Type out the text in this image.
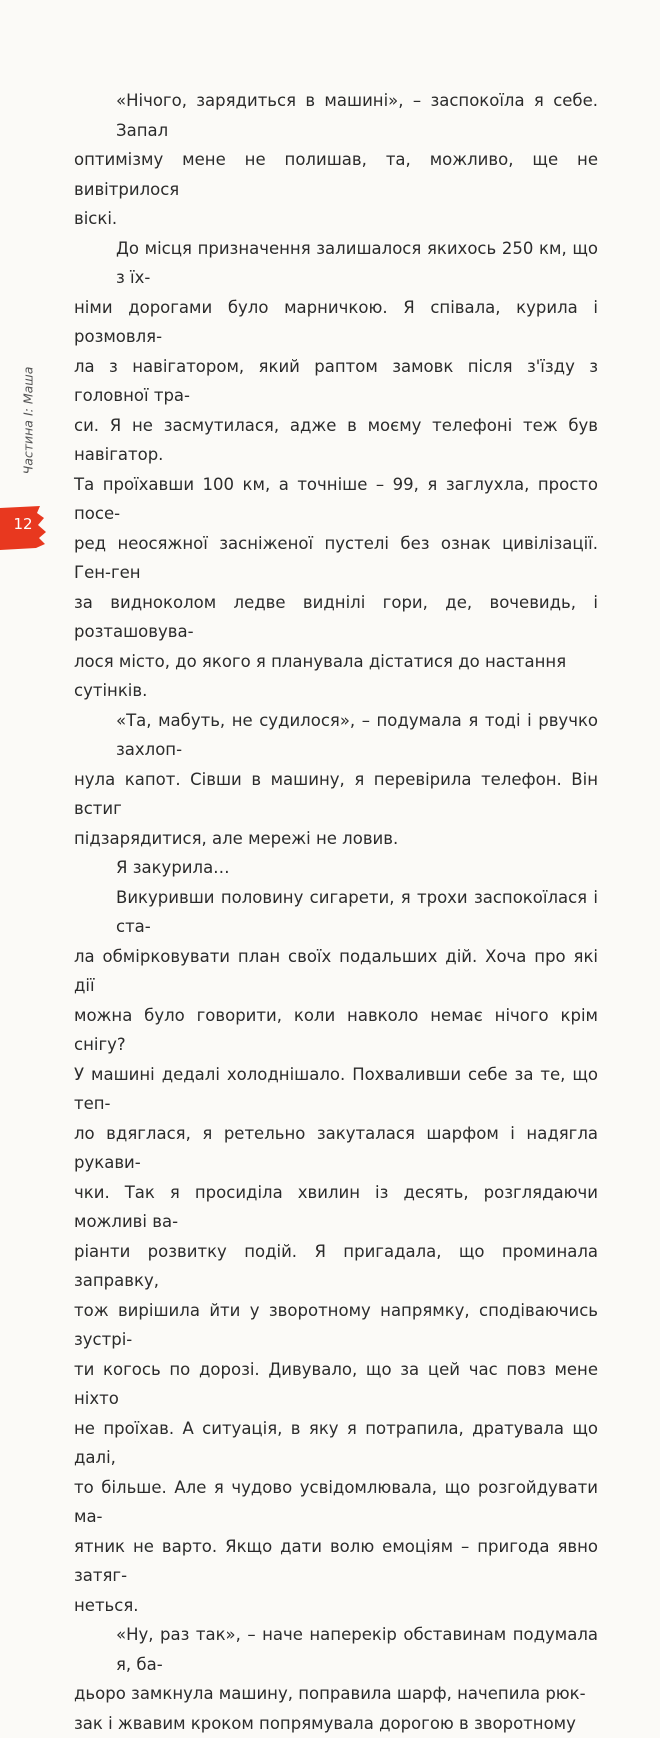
Частина І: Маша
12

«Нічого, зарядиться в машині», – заспокоїла я себе. Запал

оптимізму мене не полишав, та, можливо, ще не вивітрилося

віскі.

До місця призначення залишалося якихось 250 км, що з їх-

німи дорогами було марничкою. Я співала, курила і розмовля-

ла з навігатором, який раптом замовк після з'їзду з головної тра-

си. Я не засмутилася, адже в моєму телефоні теж був навігатор.

Та проїхавши 100 км, а точніше – 99, я заглухла, просто посе-

ред неосяжної засніженої пустелі без ознак цивілізації. Ген-ген

за видноколом ледве виднілі гори, де, вочевидь, і розташовува-

лося місто, до якого я планувала дістатися до настання сутінків.

«Та, мабуть, не судилося», – подумала я тоді і рвучко захлоп-

нула капот. Сівши в машину, я перевірила телефон. Він встиг

підзарядитися, але мережі не ловив.

Я закурила…

Викуривши половину сигарети, я трохи заспокоїлася і ста-

ла обмірковувати план своїх подальших дій. Хоча про які дії

можна було говорити, коли навколо немає нічого крім снігу?

У машині дедалі холоднішало. Похваливши себе за те, що теп-

ло вдяглася, я ретельно закуталася шарфом і надягла рукави-

чки. Так я просиділа хвилин із десять, розглядаючи можливі ва-

ріанти розвитку подій. Я пригадала, що проминала заправку,

тож вирішила йти у зворотному напрямку, сподіваючись зустрі-

ти когось по дорозі. Дивувало, що за цей час повз мене ніхто

не проїхав. А ситуація, в яку я потрапила, дратувала що далі,

то більше. Але я чудово усвідомлювала, що розгойдувати ма-

ятник не варто. Якщо дати волю емоціям – пригода явно затяг-

неться.

«Ну, раз так», – наче наперекір обставинам подумала я, ба-

дьоро замкнула машину, поправила шарф, начепила рюк-

зак і жвавим кроком попрямувала дорогою в зворотному
